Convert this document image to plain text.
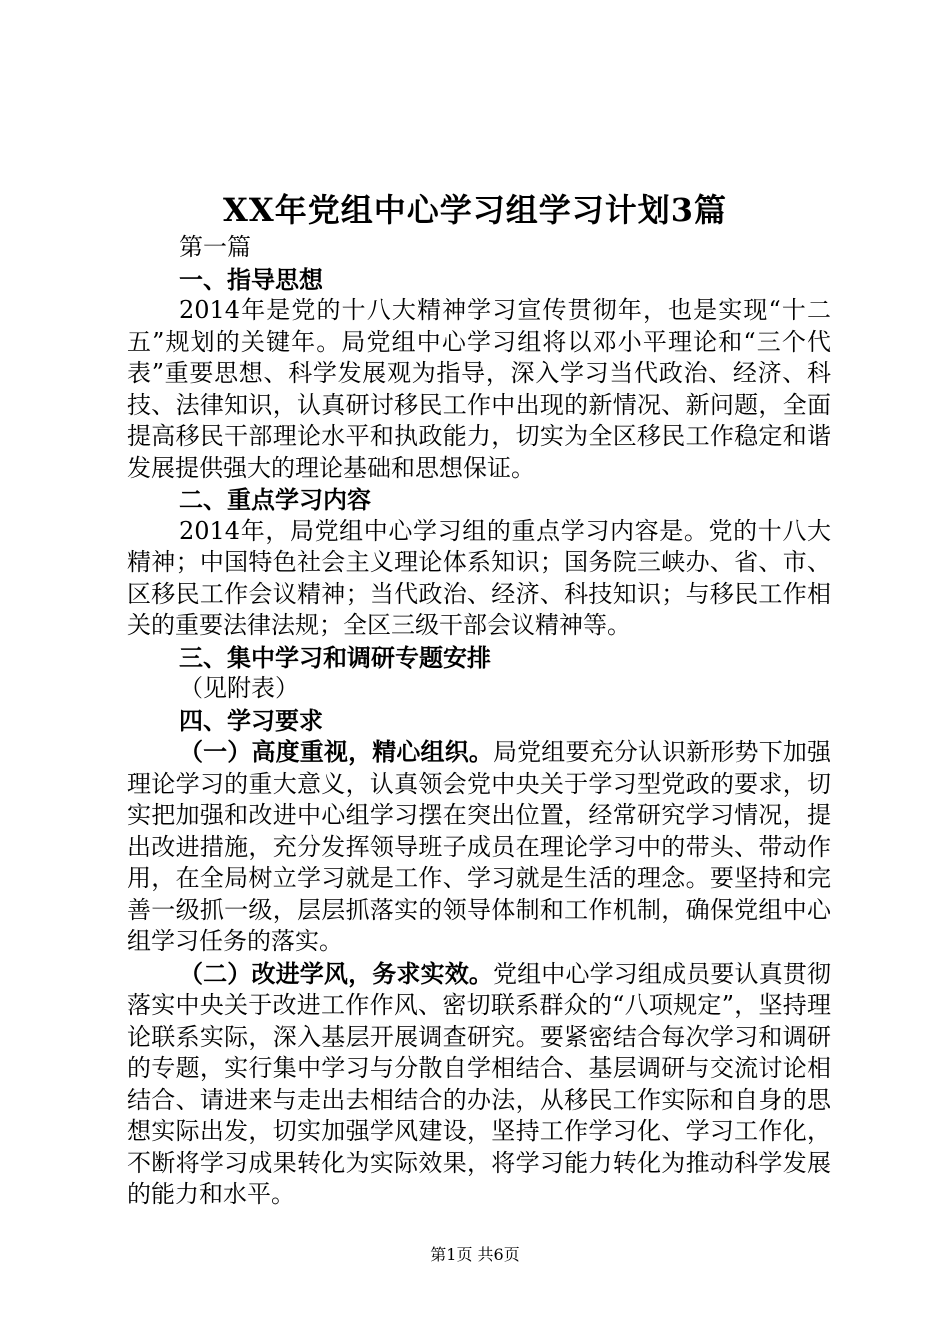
XX年党组中心学习组学习计划3篇

第一篇

一、指导思想

2014年是党的十八大精神学习宣传贯彻年，也是实现“十二五”规划的关键年。局党组中心学习组将以邓小平理论和“三个代表”重要思想、科学发展观为指导，深入学习当代政治、经济、科技、法律知识，认真研讨移民工作中出现的新情况、新问题，全面提高移民干部理论水平和执政能力，切实为全区移民工作稳定和谐发展提供强大的理论基础和思想保证。

二、重点学习内容

2014年，局党组中心学习组的重点学习内容是。党的十八大精神；中国特色社会主义理论体系知识；国务院三峡办、省、市、区移民工作会议精神；当代政治、经济、科技知识；与移民工作相关的重要法律法规；全区三级干部会议精神等。

三、集中学习和调研专题安排

（见附表）

四、学习要求

（一）高度重视，精心组织。局党组要充分认识新形势下加强理论学习的重大意义，认真领会党中央关于学习型党政的要求，切实把加强和改进中心组学习摆在突出位置，经常研究学习情况，提出改进措施，充分发挥领导班子成员在理论学习中的带头、带动作用，在全局树立学习就是工作、学习就是生活的理念。要坚持和完善一级抓一级，层层抓落实的领导体制和工作机制，确保党组中心组学习任务的落实。

（二）改进学风，务求实效。党组中心学习组成员要认真贯彻落实中央关于改进工作作风、密切联系群众的“八项规定”，坚持理论联系实际，深入基层开展调查研究。要紧密结合每次学习和调研的专题，实行集中学习与分散自学相结合、基层调研与交流讨论相结合、请进来与走出去相结合的办法，从移民工作实际和自身的思想实际出发，切实加强学风建设，坚持工作学习化、学习工作化，不断将学习成果转化为实际效果，将学习能力转化为推动科学发展的能力和水平。

第1页 共6页
